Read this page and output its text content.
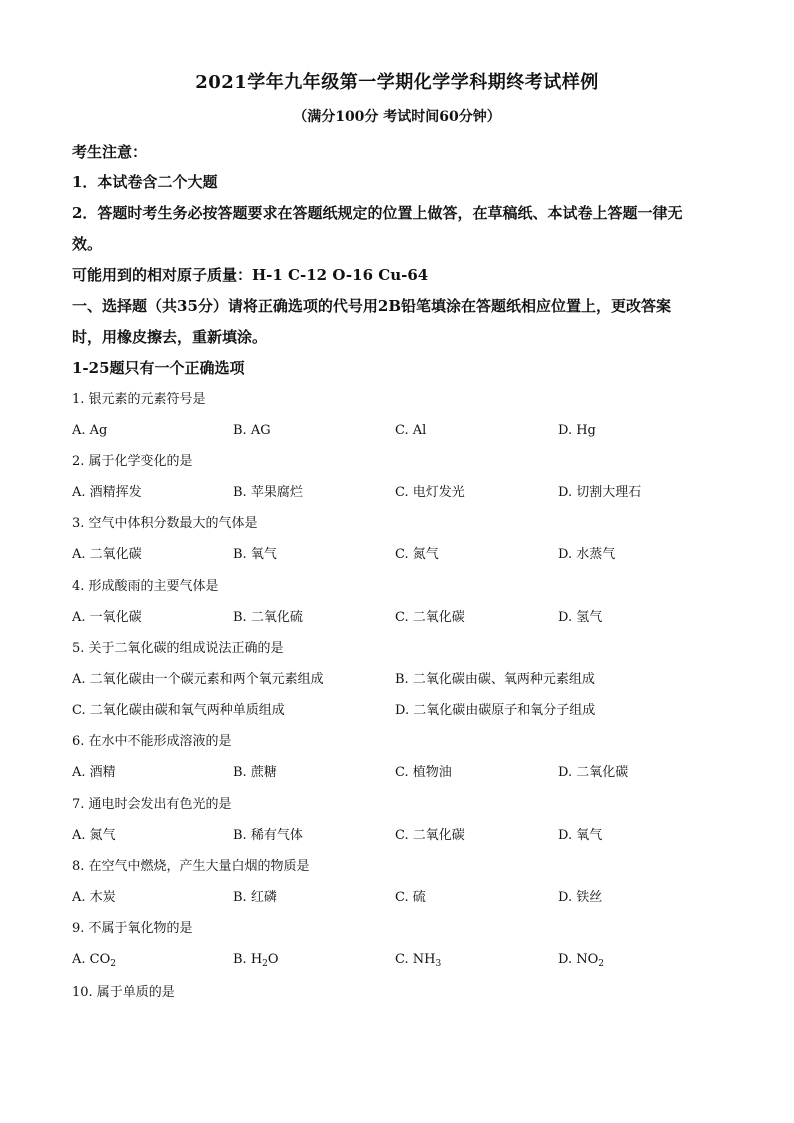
2021学年九年级第一学期化学学科期终考试样例
（满分100分 考试时间60分钟）
考生注意：
1．本试卷含二个大题
2．答题时考生务必按答题要求在答题纸规定的位置上做答，在草稿纸、本试卷上答题一律无
效。
可能用到的相对原子质量：H-1 C-12 O-16 Cu-64
一、选择题（共35分）请将正确选项的代号用2B铅笔填涂在答题纸相应位置上，更改答案
时，用橡皮擦去，重新填涂。
1-25题只有一个正确选项
1. 银元素的元素符号是
A. Ag	B. AG	C. Al	D. Hg
2. 属于化学变化的是
A. 酒精挥发	B. 苹果腐烂	C. 电灯发光	D. 切割大理石
3. 空气中体积分数最大的气体是
A. 二氧化碳	B. 氧气	C. 氮气	D. 水蒸气
4. 形成酸雨的主要气体是
A. 一氧化碳	B. 二氧化硫	C. 二氧化碳	D. 氢气
5. 关于二氧化碳的组成说法正确的是
A. 二氧化碳由一个碳元素和两个氧元素组成	B. 二氧化碳由碳、氧两种元素组成
C. 二氧化碳由碳和氧气两种单质组成	D. 二氧化碳由碳原子和氧分子组成
6. 在水中不能形成溶液的是
A. 酒精	B. 蔗糖	C. 植物油	D. 二氧化碳
7. 通电时会发出有色光的是
A. 氮气	B. 稀有气体	C. 二氧化碳	D. 氧气
8. 在空气中燃烧，产生大量白烟的物质是
A. 木炭	B. 红磷	C. 硫	D. 铁丝
9. 不属于氧化物的是
A. $CO_2$	B. $H_2O$	C. $NH_3$	D. $NO_2$
10. 属于单质的是
